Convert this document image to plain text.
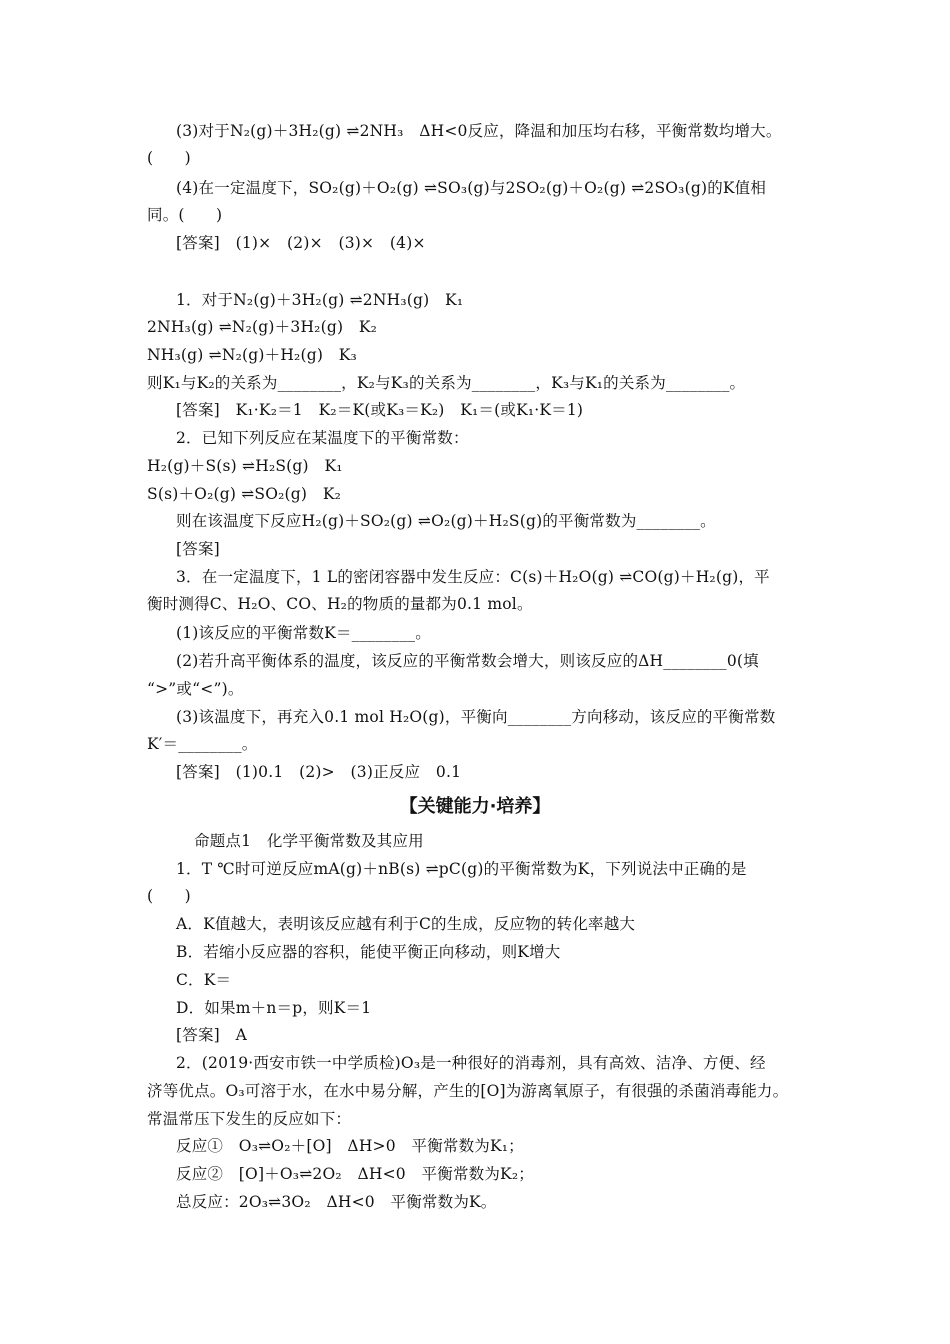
(3)对于N₂(g)＋3H₂(g) ⇌2NH₃　ΔH<0反应，降温和加压均右移，平衡常数均增大。
(　　)
(4)在一定温度下，SO₂(g)＋O₂(g) ⇌SO₃(g)与2SO₂(g)＋O₂(g) ⇌2SO₃(g)的K值相
同。(　　)
[答案]　(1)×　(2)×　(3)×　(4)×
1．对于N₂(g)＋3H₂(g) ⇌2NH₃(g)　K₁
2NH₃(g) ⇌N₂(g)＋3H₂(g)　K₂
NH₃(g) ⇌N₂(g)＋H₂(g)　K₃
则K₁与K₂的关系为________，K₂与K₃的关系为________，K₃与K₁的关系为________。
[答案]　K₁·K₂＝1　K₂＝K(或K₃＝K₂)　K₁＝(或K₁·K＝1)
2．已知下列反应在某温度下的平衡常数：
H₂(g)＋S(s) ⇌H₂S(g)　K₁
S(s)＋O₂(g) ⇌SO₂(g)　K₂
则在该温度下反应H₂(g)＋SO₂(g) ⇌O₂(g)＋H₂S(g)的平衡常数为________。
[答案]
3．在一定温度下，1 L的密闭容器中发生反应：C(s)＋H₂O(g) ⇌CO(g)＋H₂(g)，平
衡时测得C、H₂O、CO、H₂的物质的量都为0.1 mol。
(1)该反应的平衡常数K＝________。
(2)若升高平衡体系的温度，该反应的平衡常数会增大，则该反应的ΔH________0(填
“>”或“<”)。
(3)该温度下，再充入0.1 mol H₂O(g)，平衡向________方向移动，该反应的平衡常数
K′＝________。
[答案]　(1)0.1　(2)>　(3)正反应　0.1
【关键能力·培养】
命题点1　化学平衡常数及其应用
1．T ℃时可逆反应mA(g)＋nB(s) ⇌pC(g)的平衡常数为K，下列说法中正确的是
(　　)
A．K值越大，表明该反应越有利于C的生成，反应物的转化率越大
B．若缩小反应器的容积，能使平衡正向移动，则K增大
C．K＝
D．如果m＋n＝p，则K＝1
[答案]　A
2．(2019·西安市铁一中学质检)O₃是一种很好的消毒剂，具有高效、洁净、方便、经
济等优点。O₃可溶于水，在水中易分解，产生的[O]为游离氧原子，有很强的杀菌消毒能力。
常温常压下发生的反应如下：
反应①　O₃⇌O₂＋[O]　ΔH>0　平衡常数为K₁；
反应②　[O]＋O₃⇌2O₂　ΔH<0　平衡常数为K₂；
总反应：2O₃⇌3O₂　ΔH<0　平衡常数为K。
